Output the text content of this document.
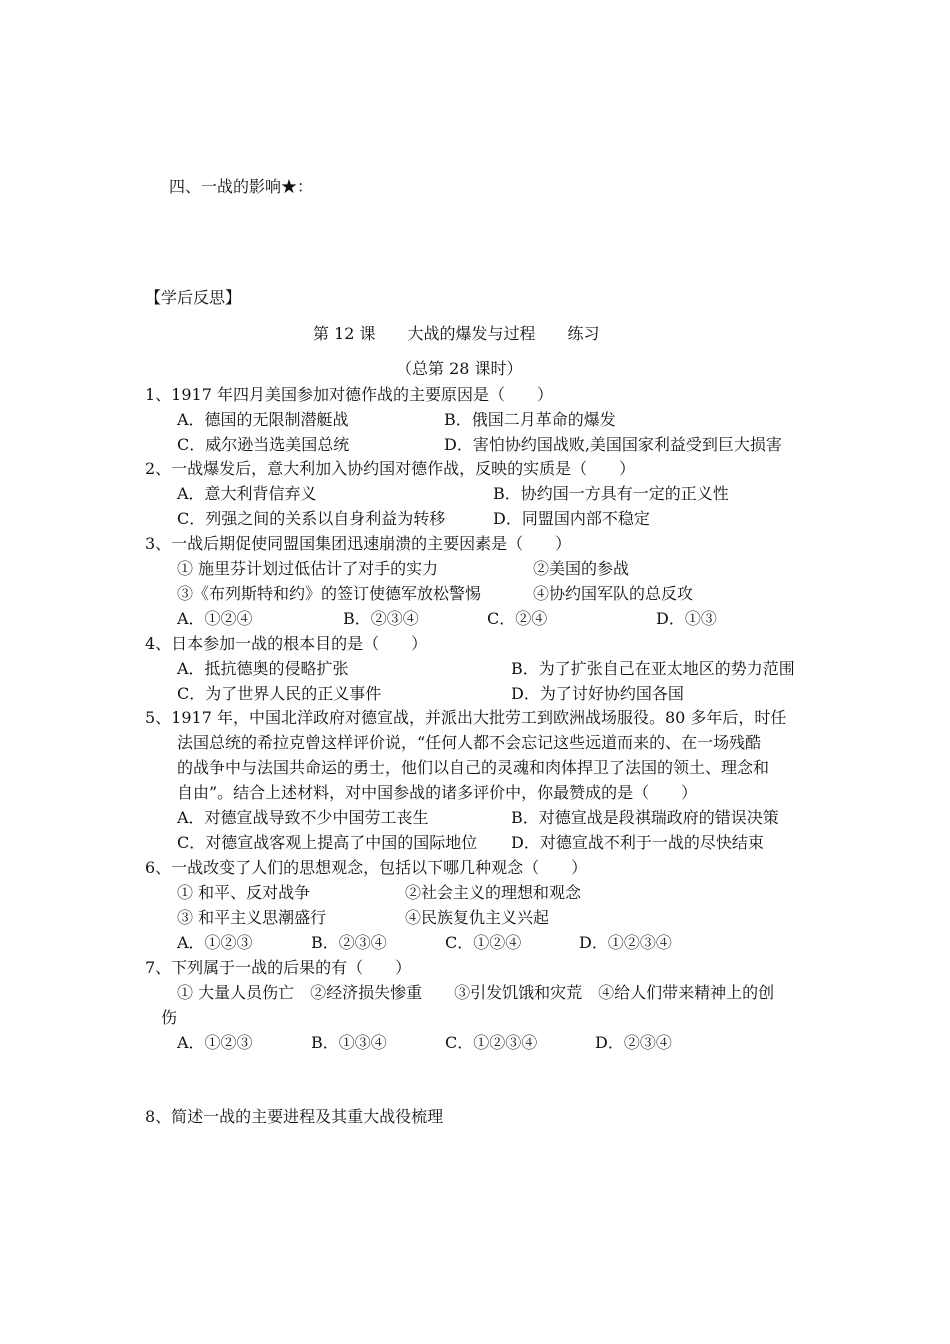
四、一战的影响★：
【学后反思】
第 12 课　　大战的爆发与过程　　练习
（总第 28 课时）
1、1917 年四月美国参加对德作战的主要原因是（　　）
A．德国的无限制潜艇战	B．俄国二月革命的爆发
C．威尔逊当选美国总统	D．害怕协约国战败,美国国家利益受到巨大损害
2、一战爆发后，意大利加入协约国对德作战，反映的实质是（　　）
A．意大利背信弃义	B．协约国一方具有一定的正义性
C．列强之间的关系以自身利益为转移	D．同盟国内部不稳定
3、一战后期促使同盟国集团迅速崩溃的主要因素是（　　）
① 施里芬计划过低估计了对手的实力	②美国的参战
③《布列斯特和约》的签订使德军放松警惕	④协约国军队的总反攻
A．①②④	B．②③④	C．②④	D．①③
4、日本参加一战的根本目的是（　　）
A．抵抗德奥的侵略扩张	B．为了扩张自己在亚太地区的势力范围
C．为了世界人民的正义事件	D．为了讨好协约国各国
5、1917 年，中国北洋政府对德宣战，并派出大批劳工到欧洲战场服役。80 多年后，时任
法国总统的希拉克曾这样评价说，“任何人都不会忘记这些远道而来的、在一场残酷
的战争中与法国共命运的勇士，他们以自己的灵魂和肉体捍卫了法国的领土、理念和
自由”。结合上述材料，对中国参战的诸多评价中，你最赞成的是（　　）
A．对德宣战导致不少中国劳工丧生	B．对德宣战是段祺瑞政府的错误决策
C．对德宣战客观上提高了中国的国际地位 D．对德宣战不利于一战的尽快结束
6、一战改变了人们的思想观念，包括以下哪几种观念（　　）
① 和平、反对战争	②社会主义的理想和观念
③ 和平主义思潮盛行	④民族复仇主义兴起
A．①②③	B．②③④	C．①②④	D．①②③④
7、下列属于一战的后果的有（　　）
① 大量人员伤亡　②经济损失惨重　　③引发饥饿和灾荒　④给人们带来精神上的创
伤
A．①②③	B．①③④	C．①②③④	D．②③④
8、简述一战的主要进程及其重大战役梳理
